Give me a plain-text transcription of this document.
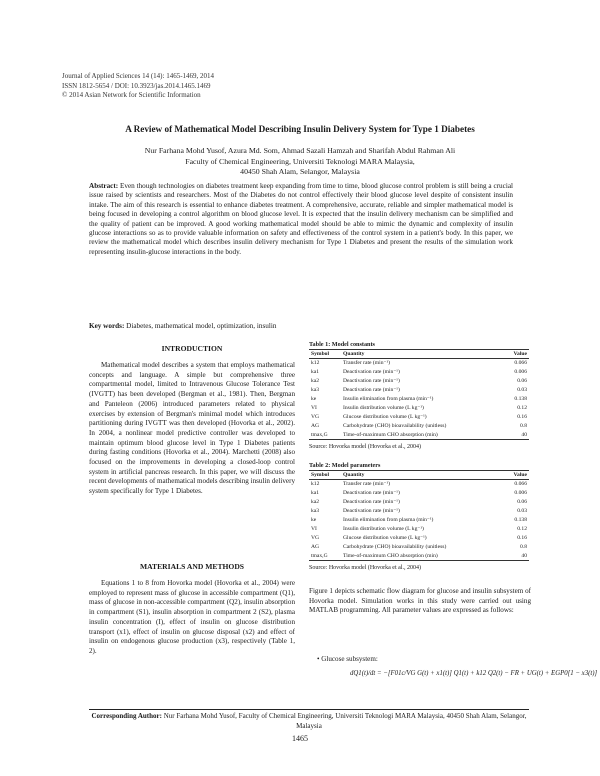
Journal of Applied Sciences 14 (14): 1465-1469, 2014
ISSN 1812-5654 / DOI: 10.3923/jas.2014.1465.1469
© 2014 Asian Network for Scientific Information
A Review of Mathematical Model Describing Insulin Delivery System for Type 1 Diabetes
Nur Farhana Mohd Yusof, Azura Md. Som, Ahmad Sazali Hamzah and Sharifah Abdul Rahman Ali
Faculty of Chemical Engineering, Universiti Teknologi MARA Malaysia,
40450 Shah Alam, Selangor, Malaysia
Abstract: Even though technologies on diabetes treatment keep expanding from time to time, blood glucose control problem is still being a crucial issue raised by scientists and researchers. Most of the Diabetes do not control effectively their blood glucose level despite of consistent insulin intake. The aim of this research is essential to enhance diabetes treatment. A comprehensive, accurate, reliable and simpler mathematical model is being focused in developing a control algorithm on blood glucose level. It is expected that the insulin delivery mechanism can be simplified and the quality of patient can be improved. A good working mathematical model should be able to mimic the dynamic and complexity of insulin glucose interactions so as to provide valuable information on safety and effectiveness of the control system in a patient's body. In this paper, we review the mathematical model which describes insulin delivery mechanism for Type 1 Diabetes and present the results of the simulation work representing insulin-glucose interactions in the body.
Key words: Diabetes, mathematical model, optimization, insulin
INTRODUCTION

Mathematical model describes a system that employs mathematical concepts and language. A simple but comprehensive three compartmental model, limited to Intravenous Glucose Tolerance Test (IVGTT) has been developed (Bergman et al., 1981). Then, Bergman and Panteleon (2006) introduced parameters related to physical exercises by extension of Bergman's minimal model which introduces partitioning during IVGTT was then developed (Hovorka et al., 2002). In 2004, a nonlinear model predictive controller was developed to maintain optimum blood glucose level in Type 1 Diabetes patients during fasting conditions (Hovorka et al., 2004). Marchetti (2008) also focused on the improvements in developing a closed-loop control system in artificial pancreas research. In this paper, we will discuss the recent developments of mathematical models describing insulin delivery system specifically for Type 1 Diabetes.

MATERIALS AND METHODS

Equations 1 to 8 from Hovorka model (Hovorka et al., 2004) were employed to represent mass of glucose in accessible compartment (Q1), mass of glucose in non-accessible compartment (Q2), insulin absorption in compartment (S1), insulin absorption in compartment 2 (S2), plasma insulin concentration (I), effect of insulin on glucose distribution transport (x1), effect of insulin on glucose disposal (x2) and effect of insulin on endogenous glucose production (x3), respectively (Table 1, 2).

Table 1: Model constants
Symbol	Quantity	Value
k12	Transfer rate (min⁻¹)	0.066
ka1	Deactivation rate (min⁻¹)	0.006
ka2	Deactivation rate (min⁻¹)	0.06
ka3	Deactivation rate (min⁻¹)	0.03
ke	Insulin elimination from plasma (min⁻¹)	0.138
VI	Insulin distribution volume (L kg⁻¹)	0.12
VG	Glucose distribution volume (L kg⁻¹)	0.16
AG	Carbohydrate (CHO) bioavailability (unitless)	0.8
tmax,G	Time-of-maximum CHO absorption (min)	40
Source: Hovorka model (Hovorka et al., 2004)
Table 2: Model parameters
Symbol	Quantity	Value
k12	Transfer rate (min⁻¹)	0.066
ka1	Deactivation rate (min⁻¹)	0.006
ka2	Deactivation rate (min⁻¹)	0.06
ka3	Deactivation rate (min⁻¹)	0.03
ke	Insulin elimination from plasma (min⁻¹)	0.138
VI	Insulin distribution volume (L kg⁻¹)	0.12
VG	Glucose distribution volume (L kg⁻¹)	0.16
AG	Carbohydrate (CHO) bioavailability (unitless)	0.8
tmax,G	Time-of-maximum CHO absorption (min)	40
Source: Hovorka model (Hovorka et al., 2004)
Figure 1 depicts schematic flow diagram for glucose and insulin subsystem of Hovorka model. Simulation works in this study were carried out using MATLAB programming. All parameter values are expressed as follows:
• Glucose subsystem:
dQ1(t)/dt = −[F01c/VG G(t) + x1(t)] Q1(t) + k12 Q2(t) − FR + UG(t) + EGP0[1 − x3(t)]
Corresponding Author: Nur Farhana Mohd Yusof, Faculty of Chemical Engineering, Universiti Teknologi MARA Malaysia, 40450 Shah Alam, Selangor, Malaysia
1465
